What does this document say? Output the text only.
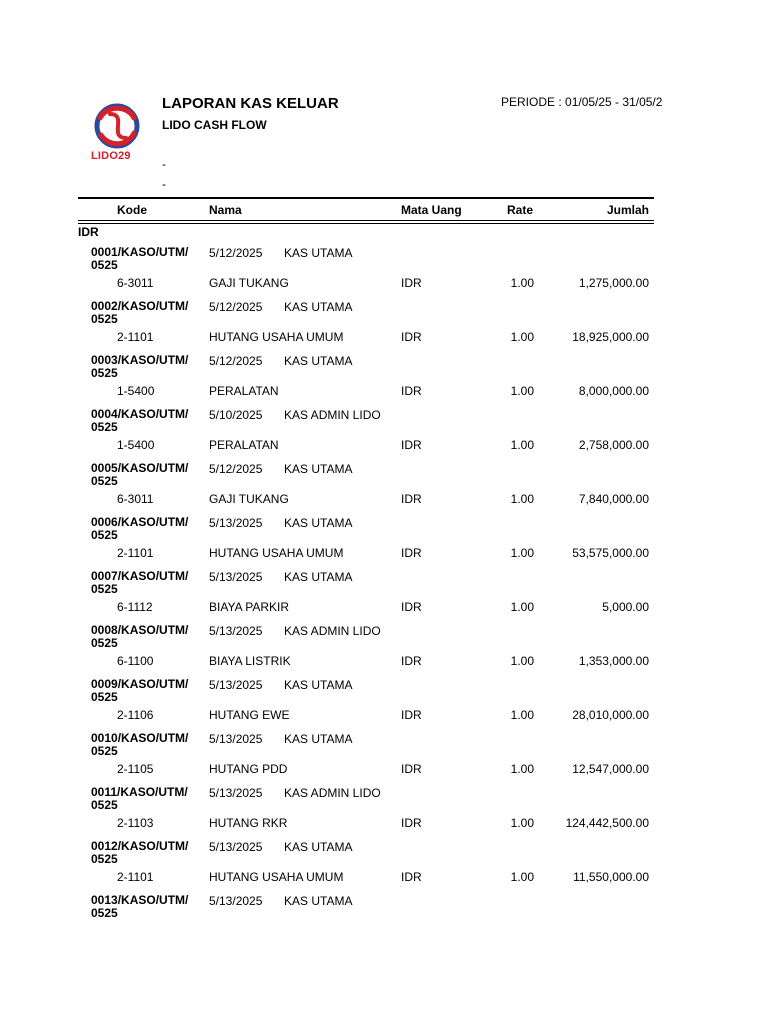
LIDO29
LAPORAN KAS KELUAR
LIDO CASH FLOW
-
-
PERIODE : 01/05/25 - 31/05/2
Kode	Nama	Mata Uang	Rate	Jumlah
IDR
0001/KASO/UTM/
0525
5/12/2025 KAS UTAMA
6-3011	GAJI TUKANG	IDR	1.00	1,275,000.00
0002/KASO/UTM/
0525
5/12/2025 KAS UTAMA
2-1101	HUTANG USAHA UMUM	IDR	1.00	18,925,000.00
0003/KASO/UTM/
0525
5/12/2025 KAS UTAMA
1-5400	PERALATAN	IDR	1.00	8,000,000.00
0004/KASO/UTM/
0525
5/10/2025 KAS ADMIN LIDO
1-5400	PERALATAN	IDR	1.00	2,758,000.00
0005/KASO/UTM/
0525
5/12/2025 KAS UTAMA
6-3011	GAJI TUKANG	IDR	1.00	7,840,000.00
0006/KASO/UTM/
0525
5/13/2025 KAS UTAMA
2-1101	HUTANG USAHA UMUM	IDR	1.00	53,575,000.00
0007/KASO/UTM/
0525
5/13/2025 KAS UTAMA
6-1112	BIAYA PARKIR	IDR	1.00	5,000.00
0008/KASO/UTM/
0525
5/13/2025 KAS ADMIN LIDO
6-1100	BIAYA LISTRIK	IDR	1.00	1,353,000.00
0009/KASO/UTM/
0525
5/13/2025 KAS UTAMA
2-1106	HUTANG EWE	IDR	1.00	28,010,000.00
0010/KASO/UTM/
0525
5/13/2025 KAS UTAMA
2-1105	HUTANG PDD	IDR	1.00	12,547,000.00
0011/KASO/UTM/
0525
5/13/2025 KAS ADMIN LIDO
2-1103	HUTANG RKR	IDR	1.00	124,442,500.00
0012/KASO/UTM/
0525
5/13/2025 KAS UTAMA
2-1101	HUTANG USAHA UMUM	IDR	1.00	11,550,000.00
0013/KASO/UTM/
0525
5/13/2025 KAS UTAMA
